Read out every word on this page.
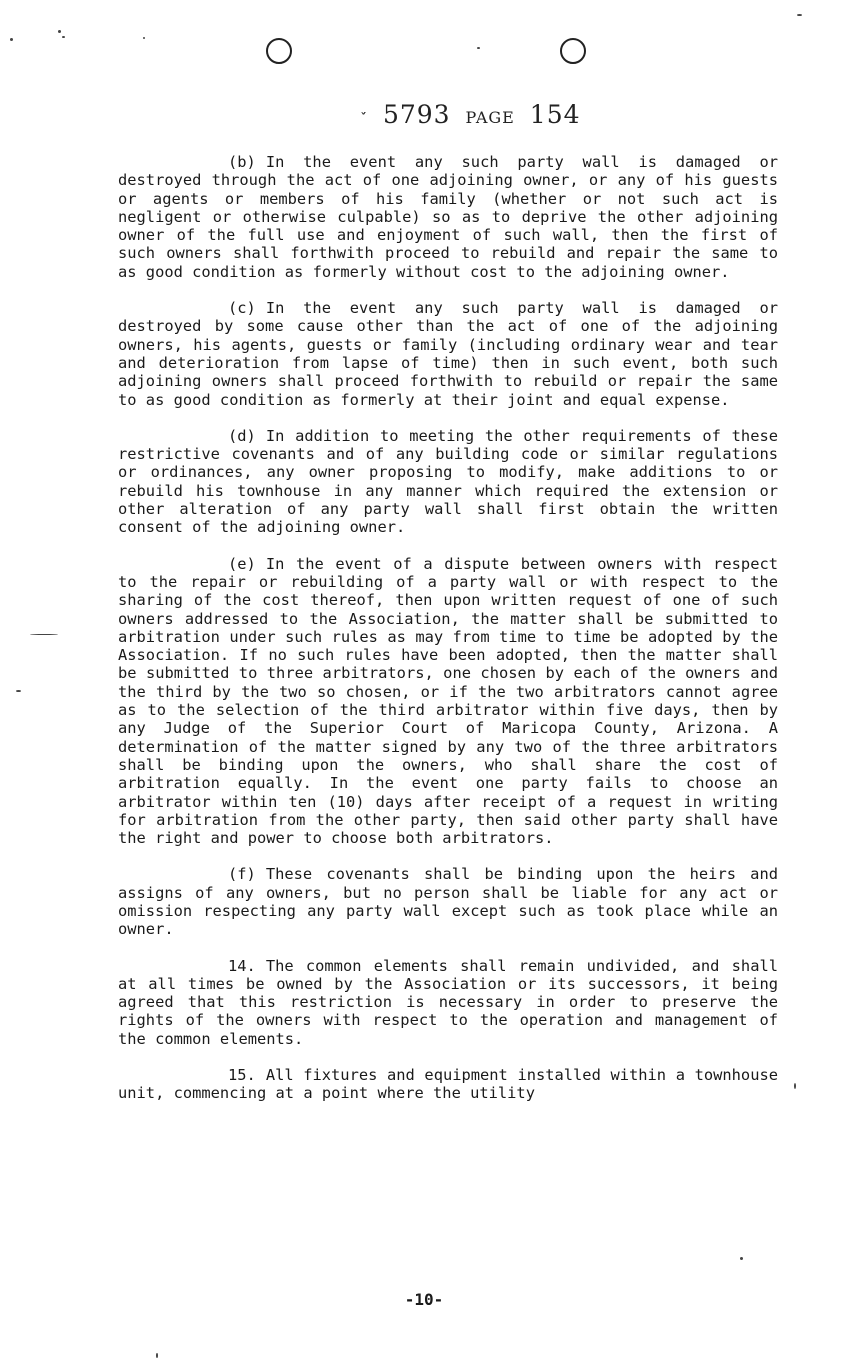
ˇ́ 5793 PAGE 154

(b) In the event any such party wall is damaged or destroyed through the act of one adjoining owner, or any of his guests or agents or members of his family (whether or not such act is negligent or otherwise culpable) so as to deprive the other adjoining owner of the full use and enjoyment of such wall, then the first of such owners shall forthwith proceed to rebuild and repair the same to as good condition as formerly without cost to the adjoining owner.

(c) In the event any such party wall is damaged or destroyed by some cause other than the act of one of the adjoining owners, his agents, guests or family (including ordinary wear and tear and deterioration from lapse of time) then in such event, both such adjoining owners shall proceed forthwith to rebuild or repair the same to as good condition as formerly at their joint and equal expense.

(d) In addition to meeting the other requirements of these restrictive covenants and of any building code or similar regulations or ordinances, any owner proposing to modify, make additions to or rebuild his townhouse in any manner which required the extension or other alteration of any party wall shall first obtain the written consent of the adjoining owner.

(e) In the event of a dispute between owners with respect to the repair or rebuilding of a party wall or with respect to the sharing of the cost thereof, then upon written request of one of such owners addressed to the Association, the matter shall be submitted to arbitration under such rules as may from time to time be adopted by the Association. If no such rules have been adopted, then the matter shall be submitted to three arbitrators, one chosen by each of the owners and the third by the two so chosen, or if the two arbitrators cannot agree as to the selection of the third arbitrator within five days, then by any Judge of the Superior Court of Maricopa County, Arizona. A determination of the matter signed by any two of the three arbitrators shall be binding upon the owners, who shall share the cost of arbitration equally. In the event one party fails to choose an arbitrator within ten (10) days after receipt of a request in writing for arbitration from the other party, then said other party shall have the right and power to choose both arbitrators.

(f) These covenants shall be binding upon the heirs and assigns of any owners, but no person shall be liable for any act or omission respecting any party wall except such as took place while an owner.

14. The common elements shall remain undivided, and shall at all times be owned by the Association or its successors, it being agreed that this restriction is necessary in order to preserve the rights of the owners with respect to the operation and management of the common elements.

15. All fixtures and equipment installed within a townhouse unit, commencing at a point where the utility

-10-
